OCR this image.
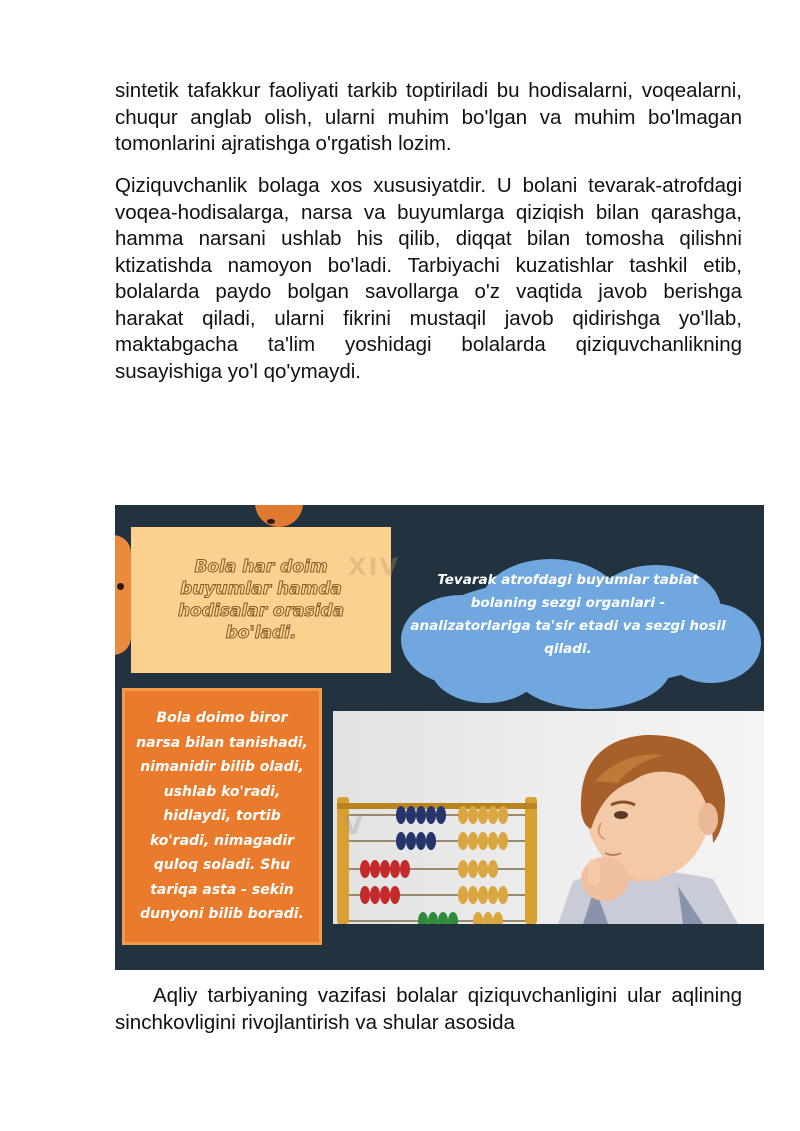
sintetik tafakkur faoliyati tarkib toptiriladi bu hodisalarni, voqealarni, chuqur anglab olish, ularni muhim bo'lgan va muhim bo'lmagan tomonlarini ajratishga o'rgatish lozim.

Qiziquvchanlik bolaga xos xususiyatdir. U bolani tevarak-atrofdagi voqea-hodisalarga, narsa va buyumlarga qiziqish bilan qarashga, hamma narsani ushlab his qilib, diqqat bilan tomosha qilishni ktizatishda namoyon bo'ladi. Tarbiyachi kuzatishlar tashkil etib, bolalarda paydo bolgan savollarga o'z vaqtida javob berishga harakat qiladi, ularni fikrini mustaqil javob qidirishga yo'llab, maktabgacha ta'lim yoshidagi bolalarda qiziquvchanlikning susayishiga yo'l qo'ymaydi.

Aqliy tarbiyaning vazifasi bolalar qiziquvchanligini ular aqlining sinchkovligini rivojlantirish va shular asosida

Bola har doim buyumlar hamda hodisalar orasida bo'ladi.
XIV	Tevarak atrofdagi buyumlar tabiat bolaning sezgi organlari - analizatorlariga ta'sir etadi va sezgi hosil qiladi.
Bola doimo biror narsa bilan tanishadi, nimanidir bilib oladi, ushlab ko'radi, hidlaydi, tortib ko'radi, nimagadir quloq soladi. Shu tariqa asta - sekin dunyoni bilib boradi.
V
